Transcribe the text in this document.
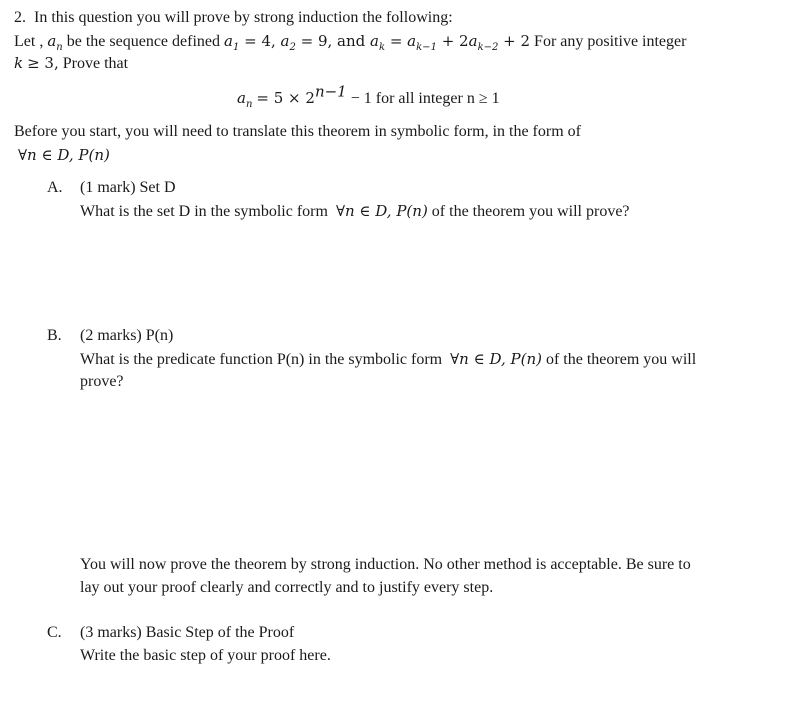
2. In this question you will prove by strong induction the following:
Let , $a_n$ be the sequence defined $a_1 = 4$, $a_2 = 9$, and $a_k = a_{k-1} + 2a_{k-2} + 2$ For any positive integer
k ≥ 3, Prove that
$a_n = 5 \times 2^{n-1} - 1$ for all integer n ≥ 1
Before you start, you will need to translate this theorem in symbolic form, in the form of
∀n ∈ D, P(n)
A. (1 mark) Set D
What is the set D in the symbolic form ∀n ∈ D, P(n) of the theorem you will prove?
B. (2 marks) P(n)
What is the predicate function P(n) in the symbolic form ∀n ∈ D, P(n) of the theorem you will
prove?
You will now prove the theorem by strong induction. No other method is acceptable. Be sure to
lay out your proof clearly and correctly and to justify every step.
C. (3 marks) Basic Step of the Proof
Write the basic step of your proof here.
